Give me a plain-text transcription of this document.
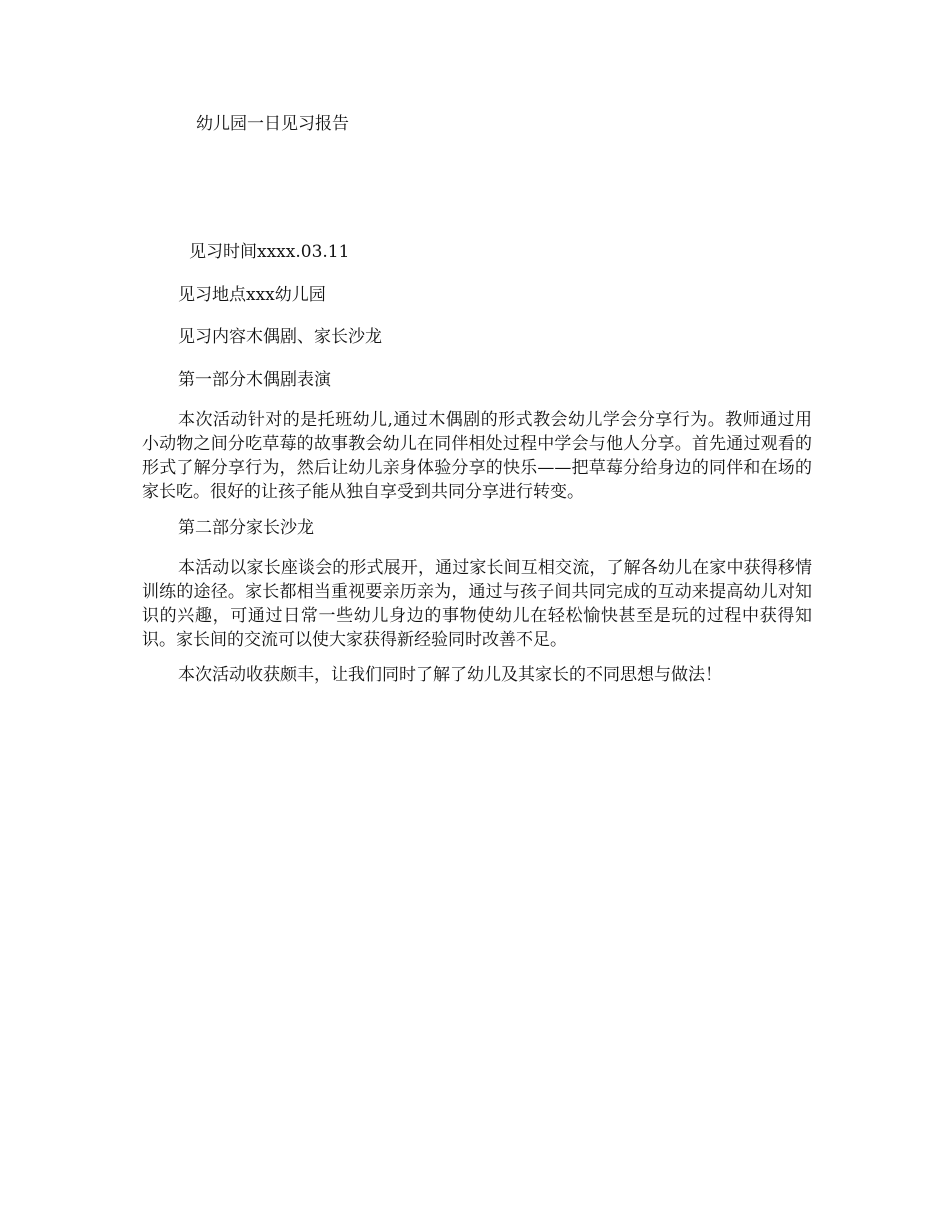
幼儿园一日见习报告
见习时间xxxx.03.11
见习地点xxx幼儿园
见习内容木偶剧、家长沙龙
第一部分木偶剧表演
本次活动针对的是托班幼儿,通过木偶剧的形式教会幼儿学会分享行为。教师通过用小动物之间分吃草莓的故事教会幼儿在同伴相处过程中学会与他人分享。首先通过观看的形式了解分享行为，然后让幼儿亲身体验分享的快乐——把草莓分给身边的同伴和在场的家长吃。很好的让孩子能从独自享受到共同分享进行转变。
第二部分家长沙龙
本活动以家长座谈会的形式展开，通过家长间互相交流，了解各幼儿在家中获得移情训练的途径。家长都相当重视要亲历亲为，通过与孩子间共同完成的互动来提高幼儿对知识的兴趣，可通过日常一些幼儿身边的事物使幼儿在轻松愉快甚至是玩的过程中获得知识。家长间的交流可以使大家获得新经验同时改善不足。
本次活动收获颇丰，让我们同时了解了幼儿及其家长的不同思想与做法！
